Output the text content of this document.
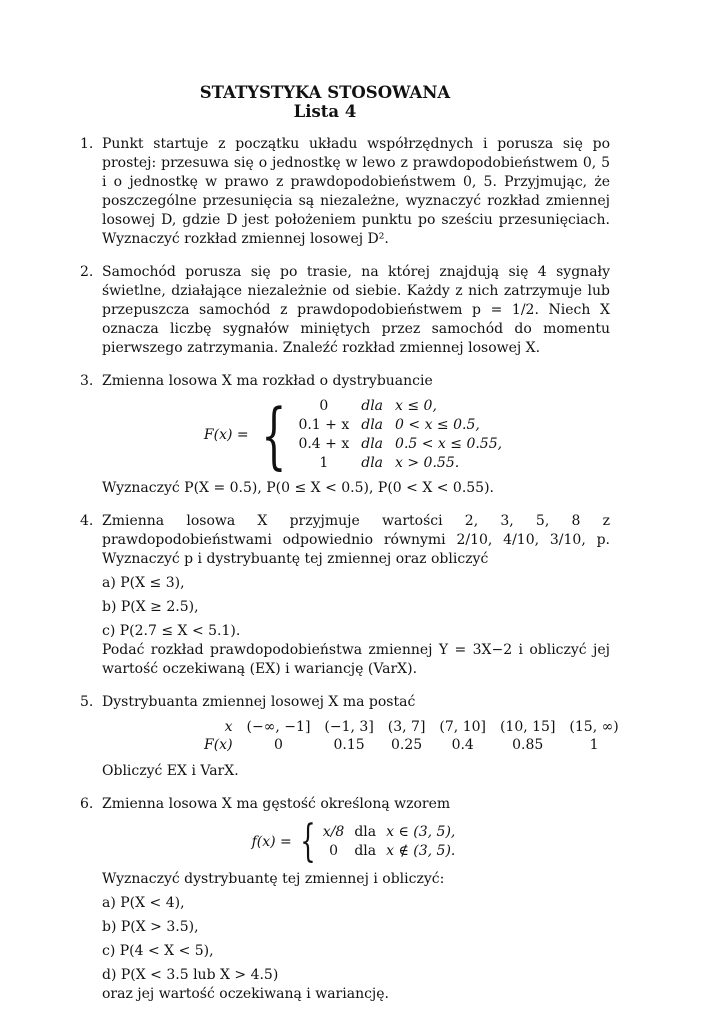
STATYSTYKA STOSOWANA
Lista 4
1. Punkt startuje z początku układu współrzędnych i porusza się po prostej: przesuwa się o jednostkę w lewo z prawdopodobieństwem 0, 5 i o jednostkę w prawo z prawdopodobieństwem 0, 5. Przyjmując, że poszczególne przesunięcia są niezależne, wyznaczyć rozkład zmiennej losowej D, gdzie D jest położeniem punktu po sześciu przesunięciach. Wyznaczyć rozkład zmiennej losowej D².
2. Samochód porusza się po trasie, na której znajdują się 4 sygnały świetlne, działające niezależnie od siebie. Każdy z nich zatrzymuje lub przepuszcza samochód z prawdopodobieństwem p = 1/2. Niech X oznacza liczbę sygnałów miniętych przez samochód do momentu pierwszego zatrzymania. Znaleźć rozkład zmiennej losowej X.
3. Zmienna losowa X ma rozkład o dystrybuancie
F(x) = { 0	dla	x ≤ 0,
0.1 + x	dla	0 < x ≤ 0.5,
0.4 + x	dla	0.5 < x ≤ 0.55,
1	dla	x > 0.55.
Wyznaczyć P(X = 0.5), P(0 ≤ X < 0.5), P(0 < X < 0.55).
4. Zmienna losowa X przyjmuje wartości 2, 3, 5, 8 z prawdopodobieństwami odpowiednio równymi 2/10, 4/10, 3/10, p. Wyznaczyć p i dystrybuantę tej zmiennej oraz obliczyć
a) P(X ≤ 3),
b) P(X ≥ 2.5),
c) P(2.7 ≤ X < 5.1).
Podać rozkład prawdopodobieństwa zmiennej Y = 3X−2 i obliczyć jej wartość oczekiwaną (EX) i wariancję (VarX).
5. Dystrybuanta zmiennej losowej X ma postać
x	(−∞, −1]	(−1, 3]	(3, 7]	(7, 10]	(10, 15]	(15, ∞)
F(x)	0	0.15	0.25	0.4	0.85	1
Obliczyć EX i VarX.
6. Zmienna losowa X ma gęstość określoną wzorem
f(x) = { x/8	dla	x ∈ (3, 5),
0	dla	x ∉ (3, 5).
Wyznaczyć dystrybuantę tej zmiennej i obliczyć:
a) P(X < 4),
b) P(X > 3.5),
c) P(4 < X < 5),
d) P(X < 3.5 lub X > 4.5)
oraz jej wartość oczekiwaną i wariancję.
